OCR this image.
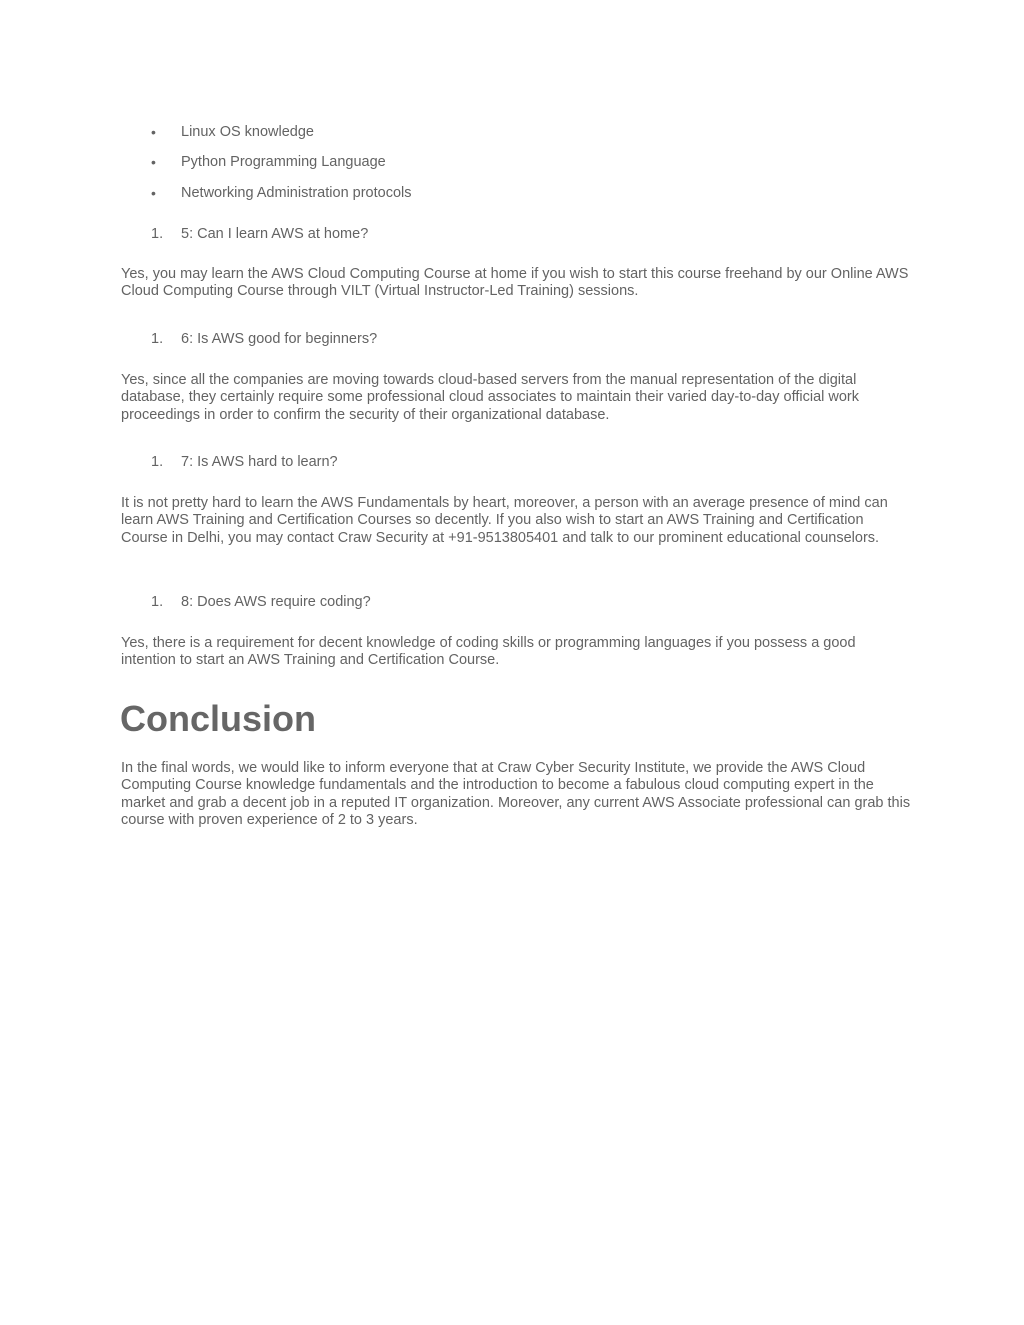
• Linux OS knowledge
• Python Programming Language
• Networking Administration protocols
1. 5: Can I learn AWS at home?

Yes, you may learn the AWS Cloud Computing Course at home if you wish to start this course freehand by our Online AWS Cloud Computing Course through VILT (Virtual Instructor-Led Training) sessions.

1. 6: Is AWS good for beginners?

Yes, since all the companies are moving towards cloud-based servers from the manual representation of the digital database, they certainly require some professional cloud associates to maintain their varied day-to-day official work proceedings in order to confirm the security of their organizational database.

1. 7: Is AWS hard to learn?

It is not pretty hard to learn the AWS Fundamentals by heart, moreover, a person with an average presence of mind can learn AWS Training and Certification Courses so decently. If you also wish to start an AWS Training and Certification Course in Delhi, you may contact Craw Security at +91-9513805401 and talk to our prominent educational counselors.

1. 8: Does AWS require coding?

Yes, there is a requirement for decent knowledge of coding skills or programming languages if you possess a good intention to start an AWS Training and Certification Course.

Conclusion

In the final words, we would like to inform everyone that at Craw Cyber Security Institute, we provide the AWS Cloud Computing Course knowledge fundamentals and the introduction to become a fabulous cloud computing expert in the market and grab a decent job in a reputed IT organization. Moreover, any current AWS Associate professional can grab this course with proven experience of 2 to 3 years.
